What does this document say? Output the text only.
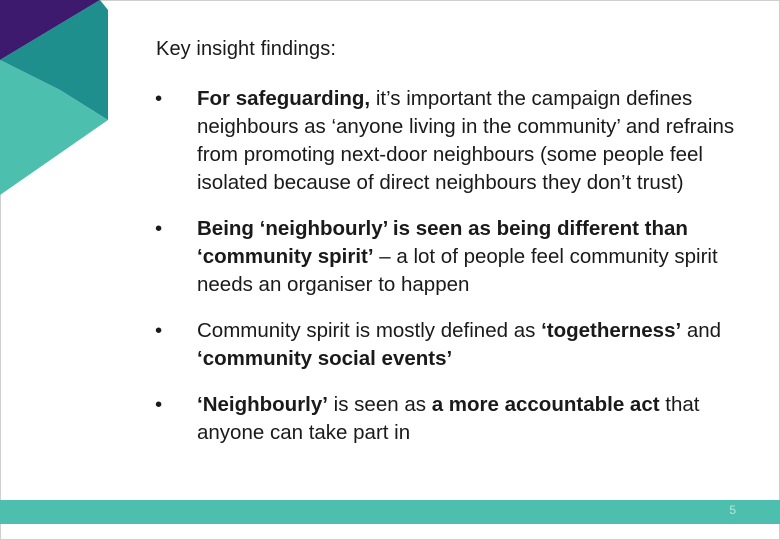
Key insight findings:
• For safeguarding, it’s important the campaign defines neighbours as ‘anyone living in the community’ and refrains from promoting next-door neighbours (some people feel isolated because of direct neighbours they don’t trust)
• Being ‘neighbourly’ is seen as being different than ‘community spirit’ – a lot of people feel community spirit needs an organiser to happen
• Community spirit is mostly defined as ‘togetherness’ and ‘community social events’
• ‘Neighbourly’ is seen as a more accountable act that anyone can take part in
5
